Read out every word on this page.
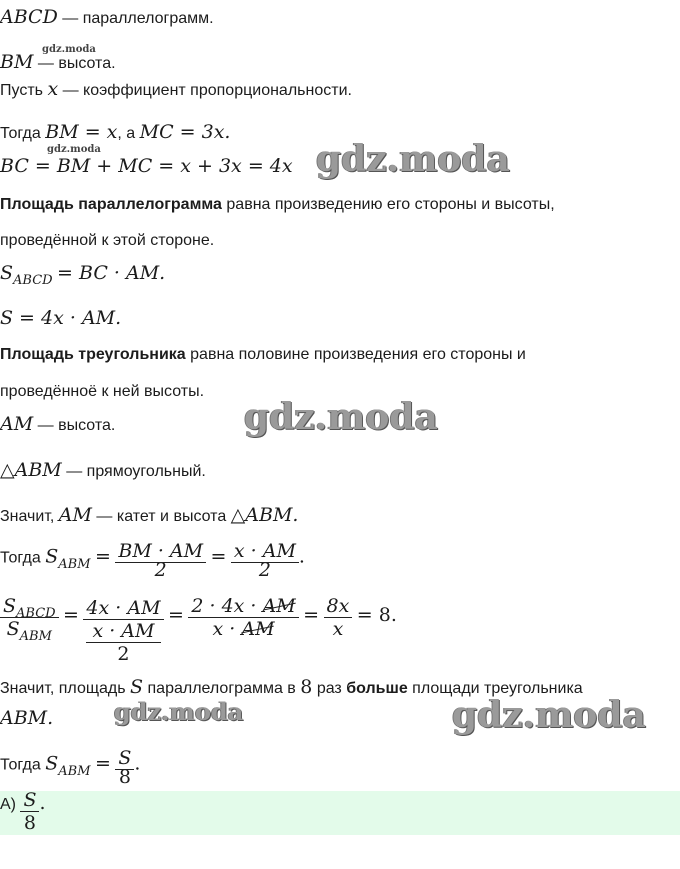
ABCD — параллелограмм.
BM — высота.
gdz.moda
Пусть x — коэффициент пропорциональности.
Тогда BM = x, а MC = 3x.
BC = BM + MC = x + 3x = 4x
gdz.moda	gdz.moda
Площадь параллелограмма равна произведению его стороны и высоты,
проведённой к этой стороне.
$S_{ABCD}$ = BC · AM.
S = 4x · AM.
Площадь треугольника равна половине произведения его стороны и
проведённоё к ней высоты.
AM — высота.	gdz.moda
△ABM — прямоугольный.
Значит, AM — катет и высота △ABM.
Тогда $S_{ABM} = \frac{BM \cdot AM}{2} = \frac{x \cdot AM}{2}$ .
$\frac{S_{ABCD}}{S_{ABM}} = 4x$ · AM
x · AM
$2 = \frac{2 \cdot 4x \cdot AM}{x \cdot AM} = \frac{8x}{x} = 8$.
Значит, площадь S параллелограмма в 8 раз больше площади треугольника
ABM.	gdz.moda	gdz.moda
Тогда $S_{ABM} = \frac{S}{8}$ .
$А) \frac{S}{8}$ .
